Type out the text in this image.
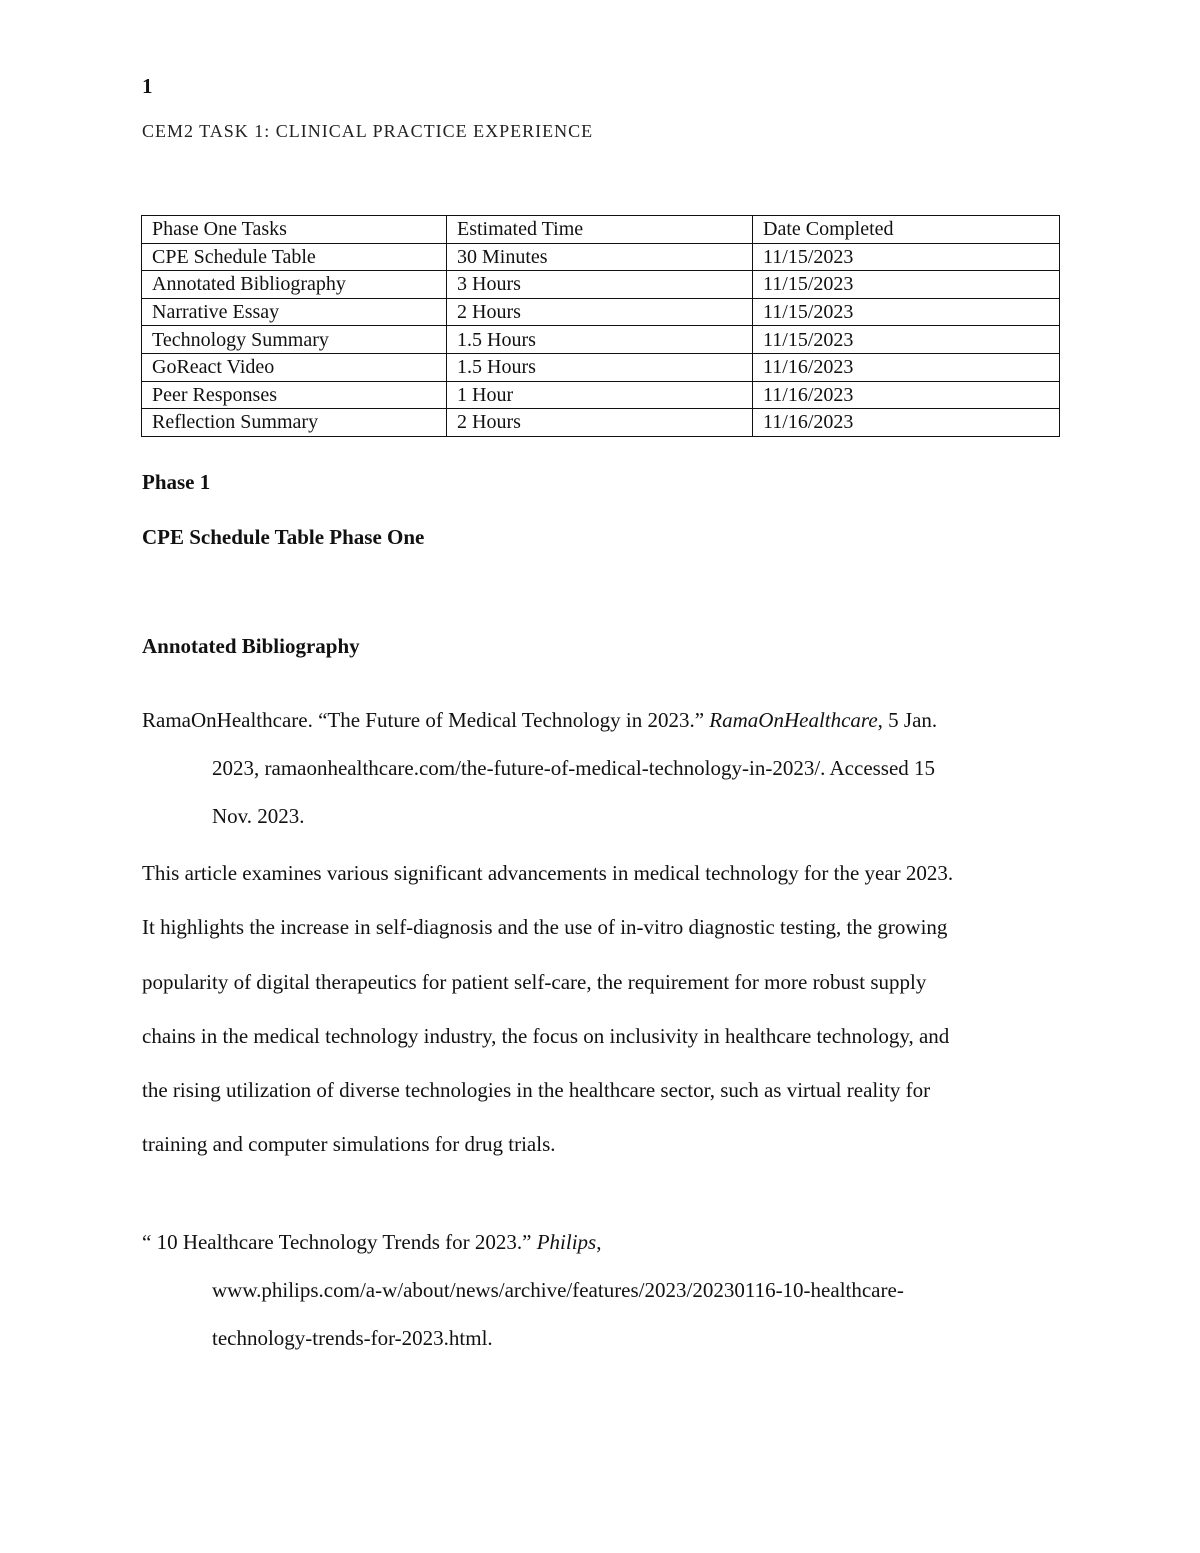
1
CEM2 TASK 1: CLINICAL PRACTICE EXPERIENCE
Phase One Tasks	Estimated Time	Date Completed
CPE Schedule Table	30 Minutes	11/15/2023
Annotated Bibliography	3 Hours	11/15/2023
Narrative Essay	2 Hours	11/15/2023
Technology Summary	1.5 Hours	11/15/2023
GoReact Video	1.5 Hours	11/16/2023
Peer Responses	1 Hour	11/16/2023
Reflection Summary	2 Hours	11/16/2023
Phase 1
CPE Schedule Table Phase One
Annotated Bibliography
RamaOnHealthcare. “The Future of Medical Technology in 2023.” RamaOnHealthcare, 5 Jan.
2023, ramaonhealthcare.com/the-future-of-medical-technology-in-2023/. Accessed 15
Nov. 2023.
This article examines various significant advancements in medical technology for the year 2023.
It highlights the increase in self-diagnosis and the use of in-vitro diagnostic testing, the growing
popularity of digital therapeutics for patient self-care, the requirement for more robust supply
chains in the medical technology industry, the focus on inclusivity in healthcare technology, and
the rising utilization of diverse technologies in the healthcare sector, such as virtual reality for
training and computer simulations for drug trials.
“ 10 Healthcare Technology Trends for 2023.” Philips,
www.philips.com/a-w/about/news/archive/features/2023/20230116-10-healthcare-
technology-trends-for-2023.html.
